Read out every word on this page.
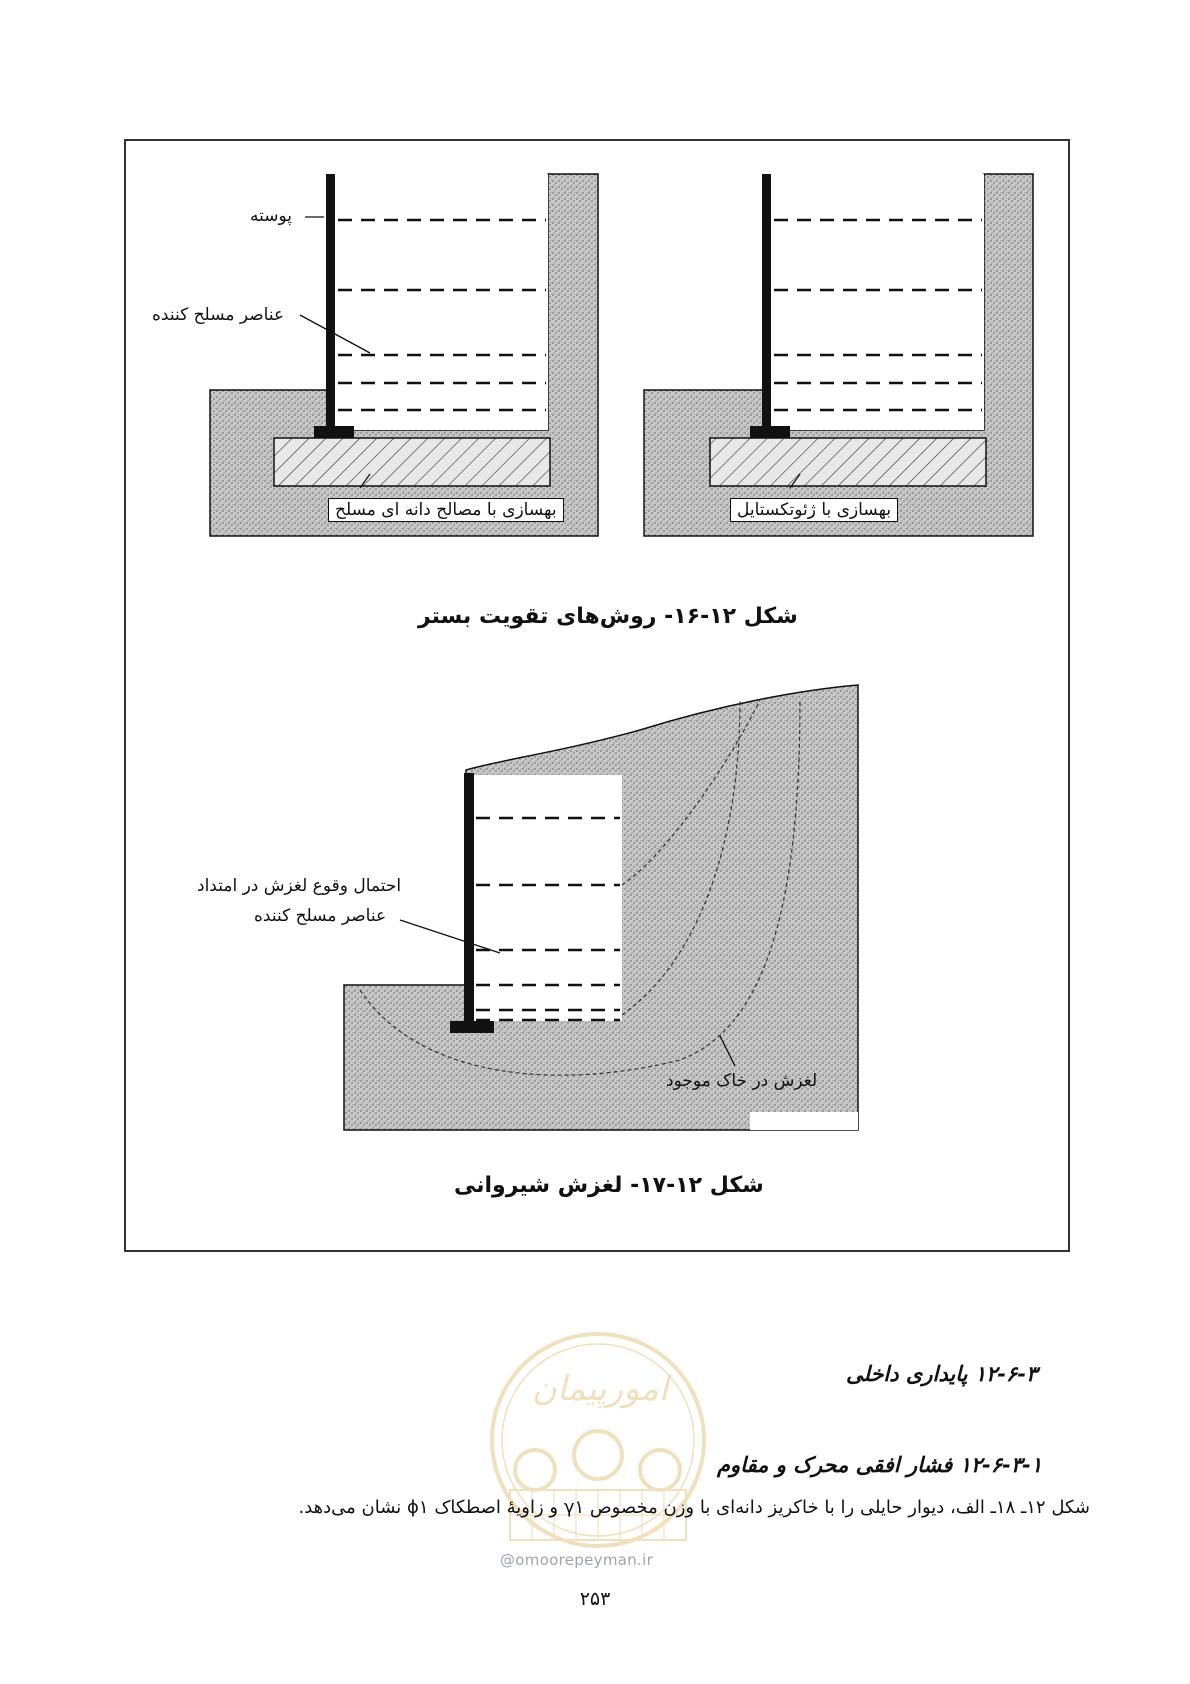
امورپیمان
پوسته
عناصر مسلح کننده
بهسازی با مصالح دانه ای مسلح	بهسازی با ژئوتکستایل
شکل ۱۲-۱۶- روش‌های تقویت بستر
احتمال وقوع لغزش در امتداد
عناصر مسلح کننده
لغزش در خاک موجود
شکل ۱۲-۱۷- لغزش شیروانی
۱۲-۶-۳ پایداری داخلی
۱۲-۶-۳-۱ فشار افقی محرک و مقاوم
شکل ۱۲ـ ۱۸ـ الف، دیوار حایلی را با خاکریز دانه‌ای با وزن مخصوص γ۱ و زاویهٔ اصطکاک ϕ۱ نشان می‌دهد.
@omoorepeyman.ir
۲۵۳
